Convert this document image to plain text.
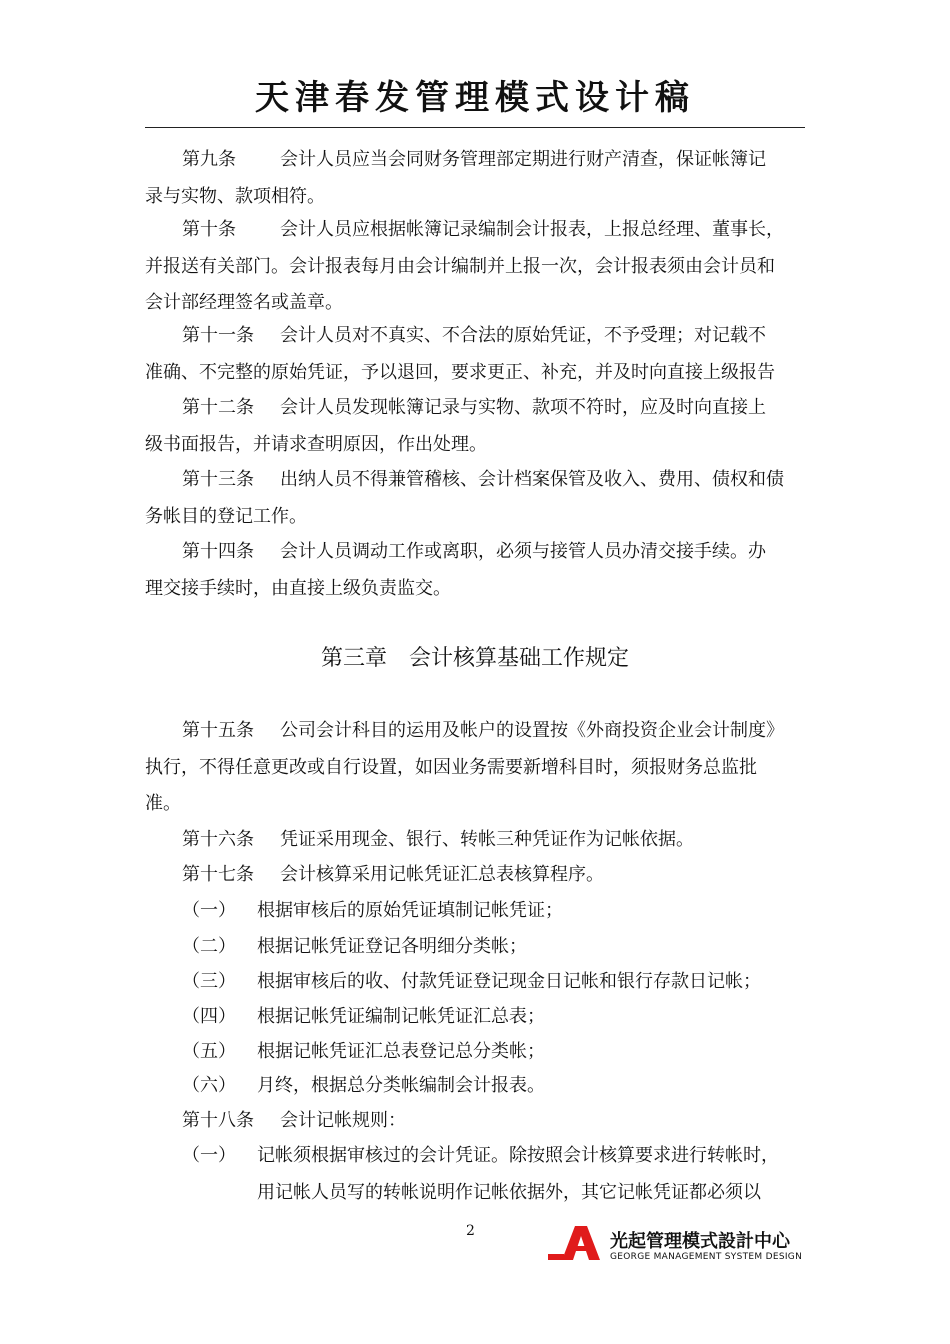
天津春发管理模式设计稿
第九条 会计人员应当会同财务管理部定期进行财产清查，保证帐簿记
录与实物、款项相符。
第十条 会计人员应根据帐簿记录编制会计报表，上报总经理、董事长，
并报送有关部门。会计报表每月由会计编制并上报一次，会计报表须由会计员和
会计部经理签名或盖章。
第十一条 会计人员对不真实、不合法的原始凭证，不予受理；对记载不
准确、不完整的原始凭证，予以退回，要求更正、补充，并及时向直接上级报告
第十二条 会计人员发现帐簿记录与实物、款项不符时，应及时向直接上
级书面报告，并请求查明原因，作出处理。
第十三条 出纳人员不得兼管稽核、会计档案保管及收入、费用、债权和债
务帐目的登记工作。
第十四条 会计人员调动工作或离职，必须与接管人员办清交接手续。办
理交接手续时，由直接上级负责监交。
第三章　会计核算基础工作规定
第十五条 公司会计科目的运用及帐户的设置按《外商投资企业会计制度》
执行，不得任意更改或自行设置，如因业务需要新增科目时，须报财务总监批
准。
第十六条 凭证采用现金、银行、转帐三种凭证作为记帐依据。
第十七条 会计核算采用记帐凭证汇总表核算程序。
（一） 根据审核后的原始凭证填制记帐凭证；
（二） 根据记帐凭证登记各明细分类帐；
（三） 根据审核后的收、付款凭证登记现金日记帐和银行存款日记帐；
（四） 根据记帐凭证编制记帐凭证汇总表；
（五） 根据记帐凭证汇总表登记总分类帐；
（六） 月终，根据总分类帐编制会计报表。
第十八条 会计记帐规则：
（一） 记帐须根据审核过的会计凭证。除按照会计核算要求进行转帐时，
用记帐人员写的转帐说明作记帐依据外，其它记帐凭证都必须以
2	光起管理模式設計中心
GEORGE MANAGEMENT SYSTEM DESIGN
